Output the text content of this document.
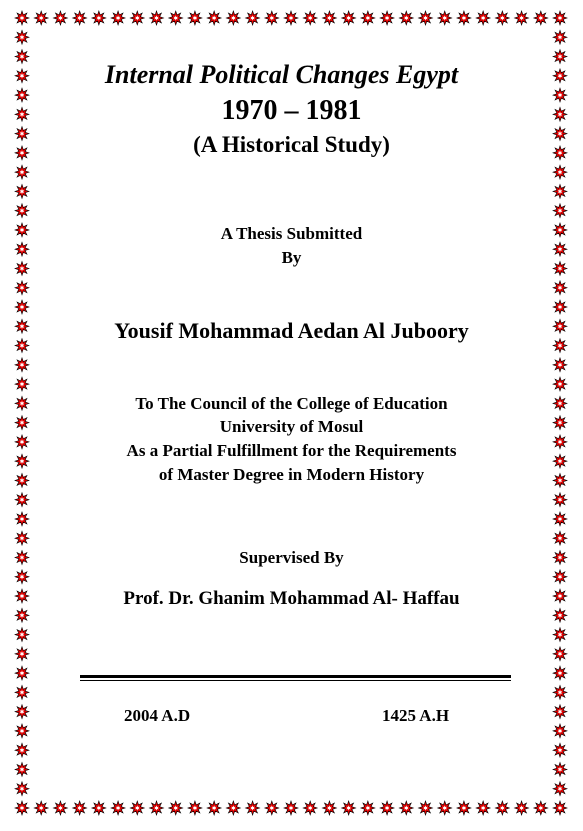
Internal Political Changes Egypt
1970 – 1981
(A Historical Study)
A Thesis Submitted
By
Yousif Mohammad Aedan Al Juboory
To The Council of the College of Education
University of Mosul
As a Partial Fulfillment for the Requirements
of Master Degree in Modern History
Supervised By
Prof. Dr. Ghanim Mohammad Al- Haffau
2004 A.D	1425 A.H
